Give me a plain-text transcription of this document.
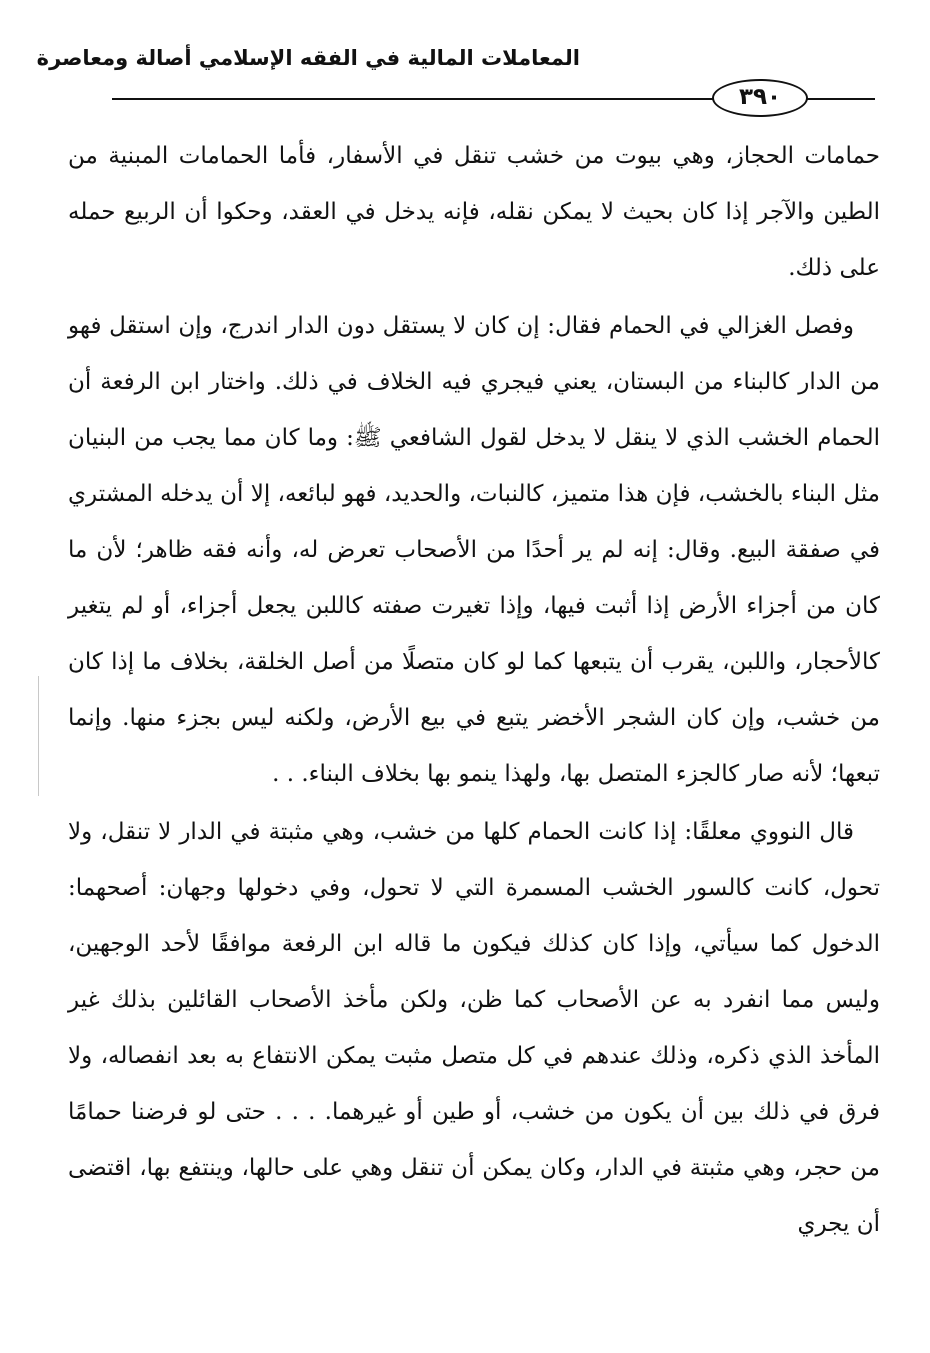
المعاملات المالية في الفقه الإسلامي أصالة ومعاصرة
٣٩٠

حمامات الحجاز، وهي بيوت من خشب تنقل في الأسفار، فأما الحمامات المبنية من الطين والآجر إذا كان بحيث لا يمكن نقله، فإنه يدخل في العقد، وحكوا أن الربيع حمله على ذلك.

وفصل الغزالي في الحمام فقال: إن كان لا يستقل دون الدار اندرج، وإن استقل فهو من الدار كالبناء من البستان، يعني فيجري فيه الخلاف في ذلك. واختار ابن الرفعة أن الحمام الخشب الذي لا ينقل لا يدخل لقول الشافعي ﷺ: وما كان مما يجب من البنيان مثل البناء بالخشب، فإن هذا متميز، كالنبات، والحديد، فهو لبائعه، إلا أن يدخله المشتري في صفقة البيع. وقال: إنه لم ير أحدًا من الأصحاب تعرض له، وأنه فقه ظاهر؛ لأن ما كان من أجزاء الأرض إذا أثبت فيها، وإذا تغيرت صفته كاللبن يجعل أجزاء، أو لم يتغير كالأحجار، واللبن، يقرب أن يتبعها كما لو كان متصلًا من أصل الخلقة، بخلاف ما إذا كان من خشب، وإن كان الشجر الأخضر يتبع في بيع الأرض، ولكنه ليس بجزء منها. وإنما تبعها؛ لأنه صار كالجزء المتصل بها، ولهذا ينمو بها بخلاف البناء. . .

قال النووي معلقًا: إذا كانت الحمام كلها من خشب، وهي مثبتة في الدار لا تنقل، ولا تحول، كانت كالسور الخشب المسمرة التي لا تحول، وفي دخولها وجهان: أصحهما: الدخول كما سيأتي، وإذا كان كذلك فيكون ما قاله ابن الرفعة موافقًا لأحد الوجهين، وليس مما انفرد به عن الأصحاب كما ظن، ولكن مأخذ الأصحاب القائلين بذلك غير المأخذ الذي ذكره، وذلك عندهم في كل متصل مثبت يمكن الانتفاع به بعد انفصاله، ولا فرق في ذلك بين أن يكون من خشب، أو طين أو غيرهما. . . . حتى لو فرضنا حمامًا من حجر، وهي مثبتة في الدار، وكان يمكن أن تنقل وهي على حالها، وينتفع بها، اقتضى أن يجري
